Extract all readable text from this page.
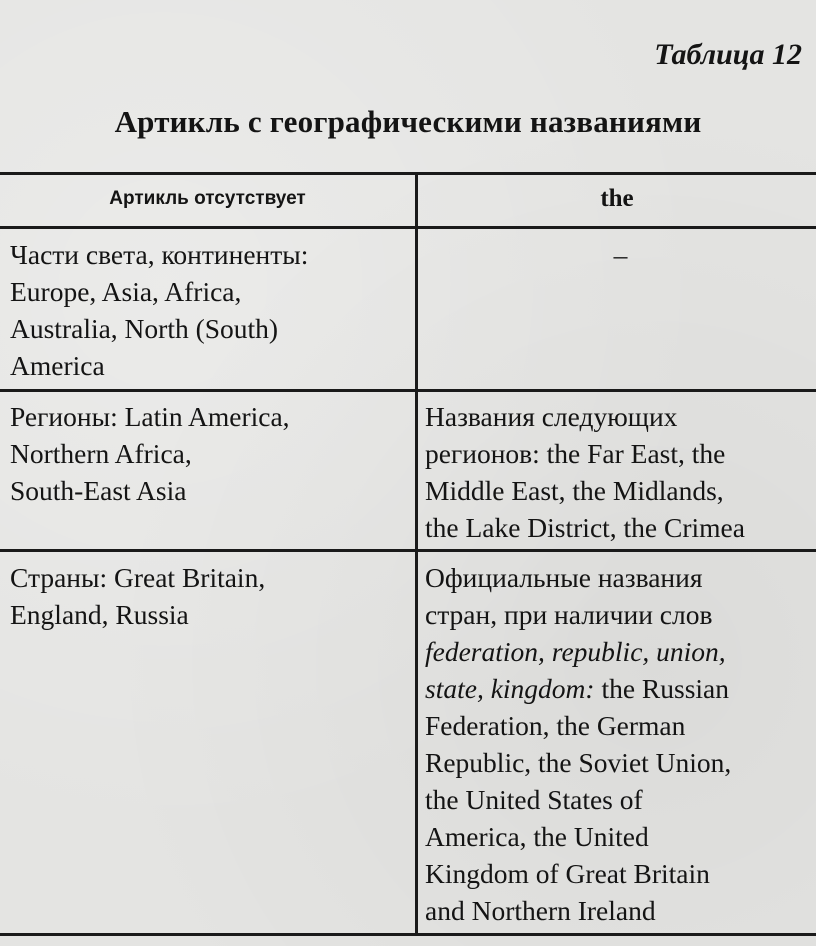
Таблица 12
Артикль с географическими названиями
Артикль отсутствует	the
Части света, континенты:
Europe, Asia, Africa,
Australia, North (South)
America
–
Регионы: Latin America,
Northern Africa,
South-East Asia
Названия следующих
регионов: the Far East, the
Middle East, the Midlands,
the Lake District, the Crimea
Страны: Great Britain,
England, Russia
Официальные названия
стран, при наличии слов
federation, republic, union,
state, kingdom: the Russian
Federation, the German
Republic, the Soviet Union,
the United States of
America, the United
Kingdom of Great Britain
and Northern Ireland
